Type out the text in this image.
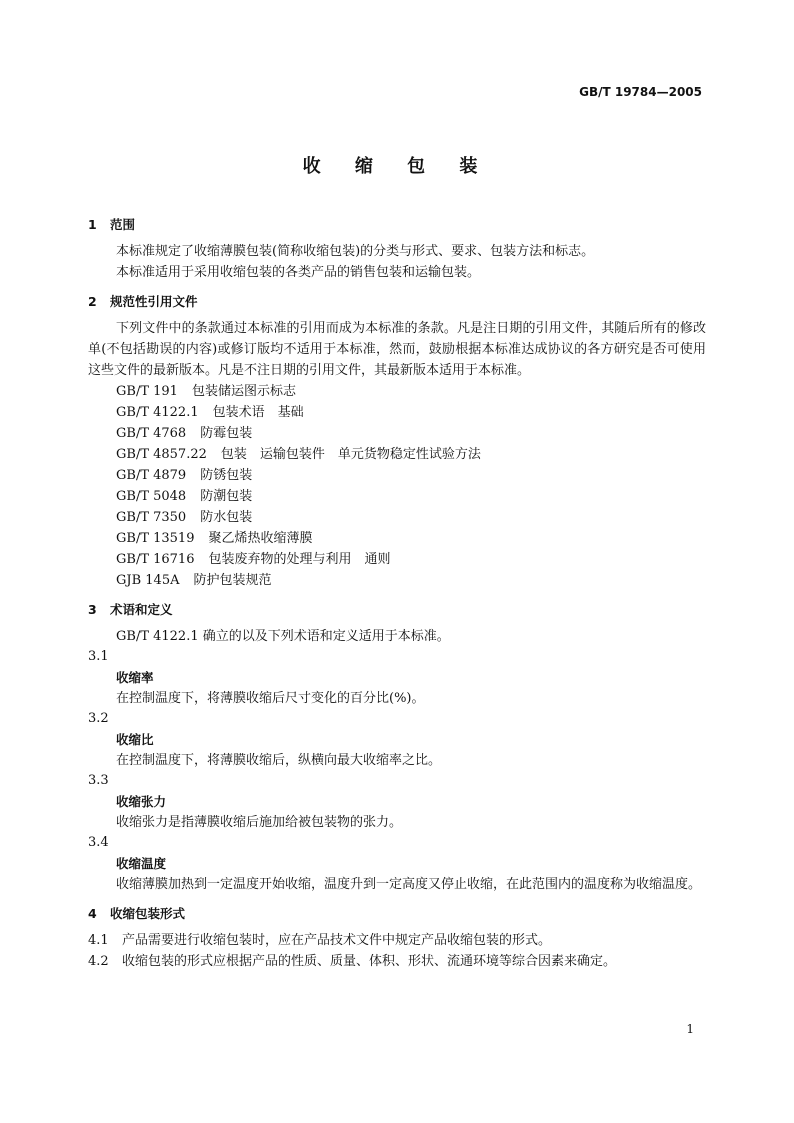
GB/T 19784—2005
收 缩 包 装
1 范围

本标准规定了收缩薄膜包装(简称收缩包装)的分类与形式、要求、包装方法和标志。

本标准适用于采用收缩包装的各类产品的销售包装和运输包装。

2 规范性引用文件

下列文件中的条款通过本标准的引用而成为本标准的条款。凡是注日期的引用文件，其随后所有的修改单(不包括勘误的内容)或修订版均不适用于本标准，然而，鼓励根据本标准达成协议的各方研究是否可使用这些文件的最新版本。凡是不注日期的引用文件，其最新版本适用于本标准。

GB/T 191 包装储运图示标志
GB/T 4122.1 包装术语　基础
GB/T 4768 防霉包装
GB/T 4857.22 包装　运输包装件　单元货物稳定性试验方法
GB/T 4879 防锈包装
GB/T 5048 防潮包装
GB/T 7350 防水包装
GB/T 13519 聚乙烯热收缩薄膜
GB/T 16716 包装废弃物的处理与利用　通则
GJB 145A 防护包装规范
3 术语和定义

GB/T 4122.1 确立的以及下列术语和定义适用于本标准。

3.1
收缩率
在控制温度下，将薄膜收缩后尺寸变化的百分比(%)。
3.2
收缩比
在控制温度下，将薄膜收缩后，纵横向最大收缩率之比。
3.3
收缩张力
收缩张力是指薄膜收缩后施加给被包装物的张力。
3.4
收缩温度
收缩薄膜加热到一定温度开始收缩，温度升到一定高度又停止收缩，在此范围内的温度称为收缩温度。
4 收缩包装形式
4.1 产品需要进行收缩包装时，应在产品技术文件中规定产品收缩包装的形式。
4.2 收缩包装的形式应根据产品的性质、质量、体积、形状、流通环境等综合因素来确定。
1
